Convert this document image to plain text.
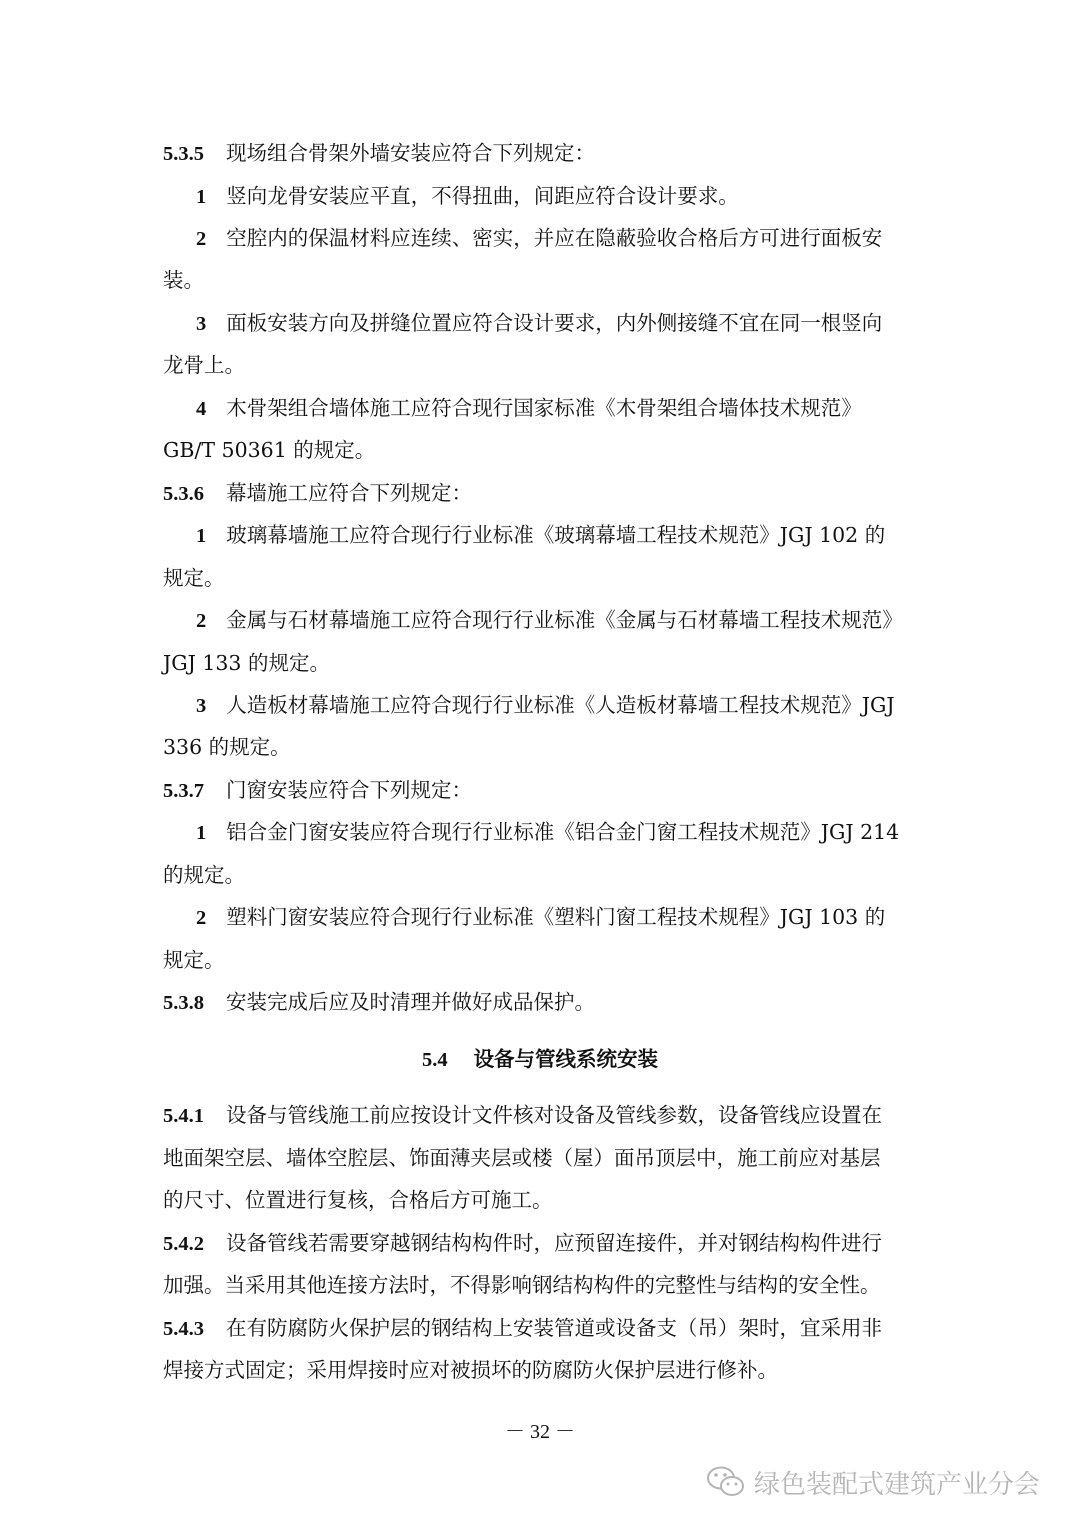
5.3.5 现场组合骨架外墙安装应符合下列规定：
1 竖向龙骨安装应平直，不得扭曲，间距应符合设计要求。
2 空腔内的保温材料应连续、密实，并应在隐蔽验收合格后方可进行面板安
装。
3 面板安装方向及拼缝位置应符合设计要求，内外侧接缝不宜在同一根竖向
龙骨上。
4 木骨架组合墙体施工应符合现行国家标准《木骨架组合墙体技术规范》
GB/T 50361 的规定。
5.3.6 幕墙施工应符合下列规定：
1 玻璃幕墙施工应符合现行行业标准《玻璃幕墙工程技术规范》JGJ 102 的
规定。
2 金属与石材幕墙施工应符合现行行业标准《金属与石材幕墙工程技术规范》
JGJ 133 的规定。
3 人造板材幕墙施工应符合现行行业标准《人造板材幕墙工程技术规范》JGJ
336 的规定。
5.3.7 门窗安装应符合下列规定：
1 铝合金门窗安装应符合现行行业标准《铝合金门窗工程技术规范》JGJ 214
的规定。
2 塑料门窗安装应符合现行行业标准《塑料门窗工程技术规程》JGJ 103 的
规定。
5.3.8 安装完成后应及时清理并做好成品保护。
5.4 设备与管线系统安装
5.4.1 设备与管线施工前应按设计文件核对设备及管线参数，设备管线应设置在
地面架空层、墙体空腔层、饰面薄夹层或楼（屋）面吊顶层中，施工前应对基层
的尺寸、位置进行复核，合格后方可施工。
5.4.2 设备管线若需要穿越钢结构构件时，应预留连接件，并对钢结构构件进行
加强。当采用其他连接方法时，不得影响钢结构构件的完整性与结构的安全性。
5.4.3 在有防腐防火保护层的钢结构上安装管道或设备支（吊）架时，宜采用非
焊接方式固定；采用焊接时应对被损坏的防腐防火保护层进行修补。
－ 32 －
绿色装配式建筑产业分会
